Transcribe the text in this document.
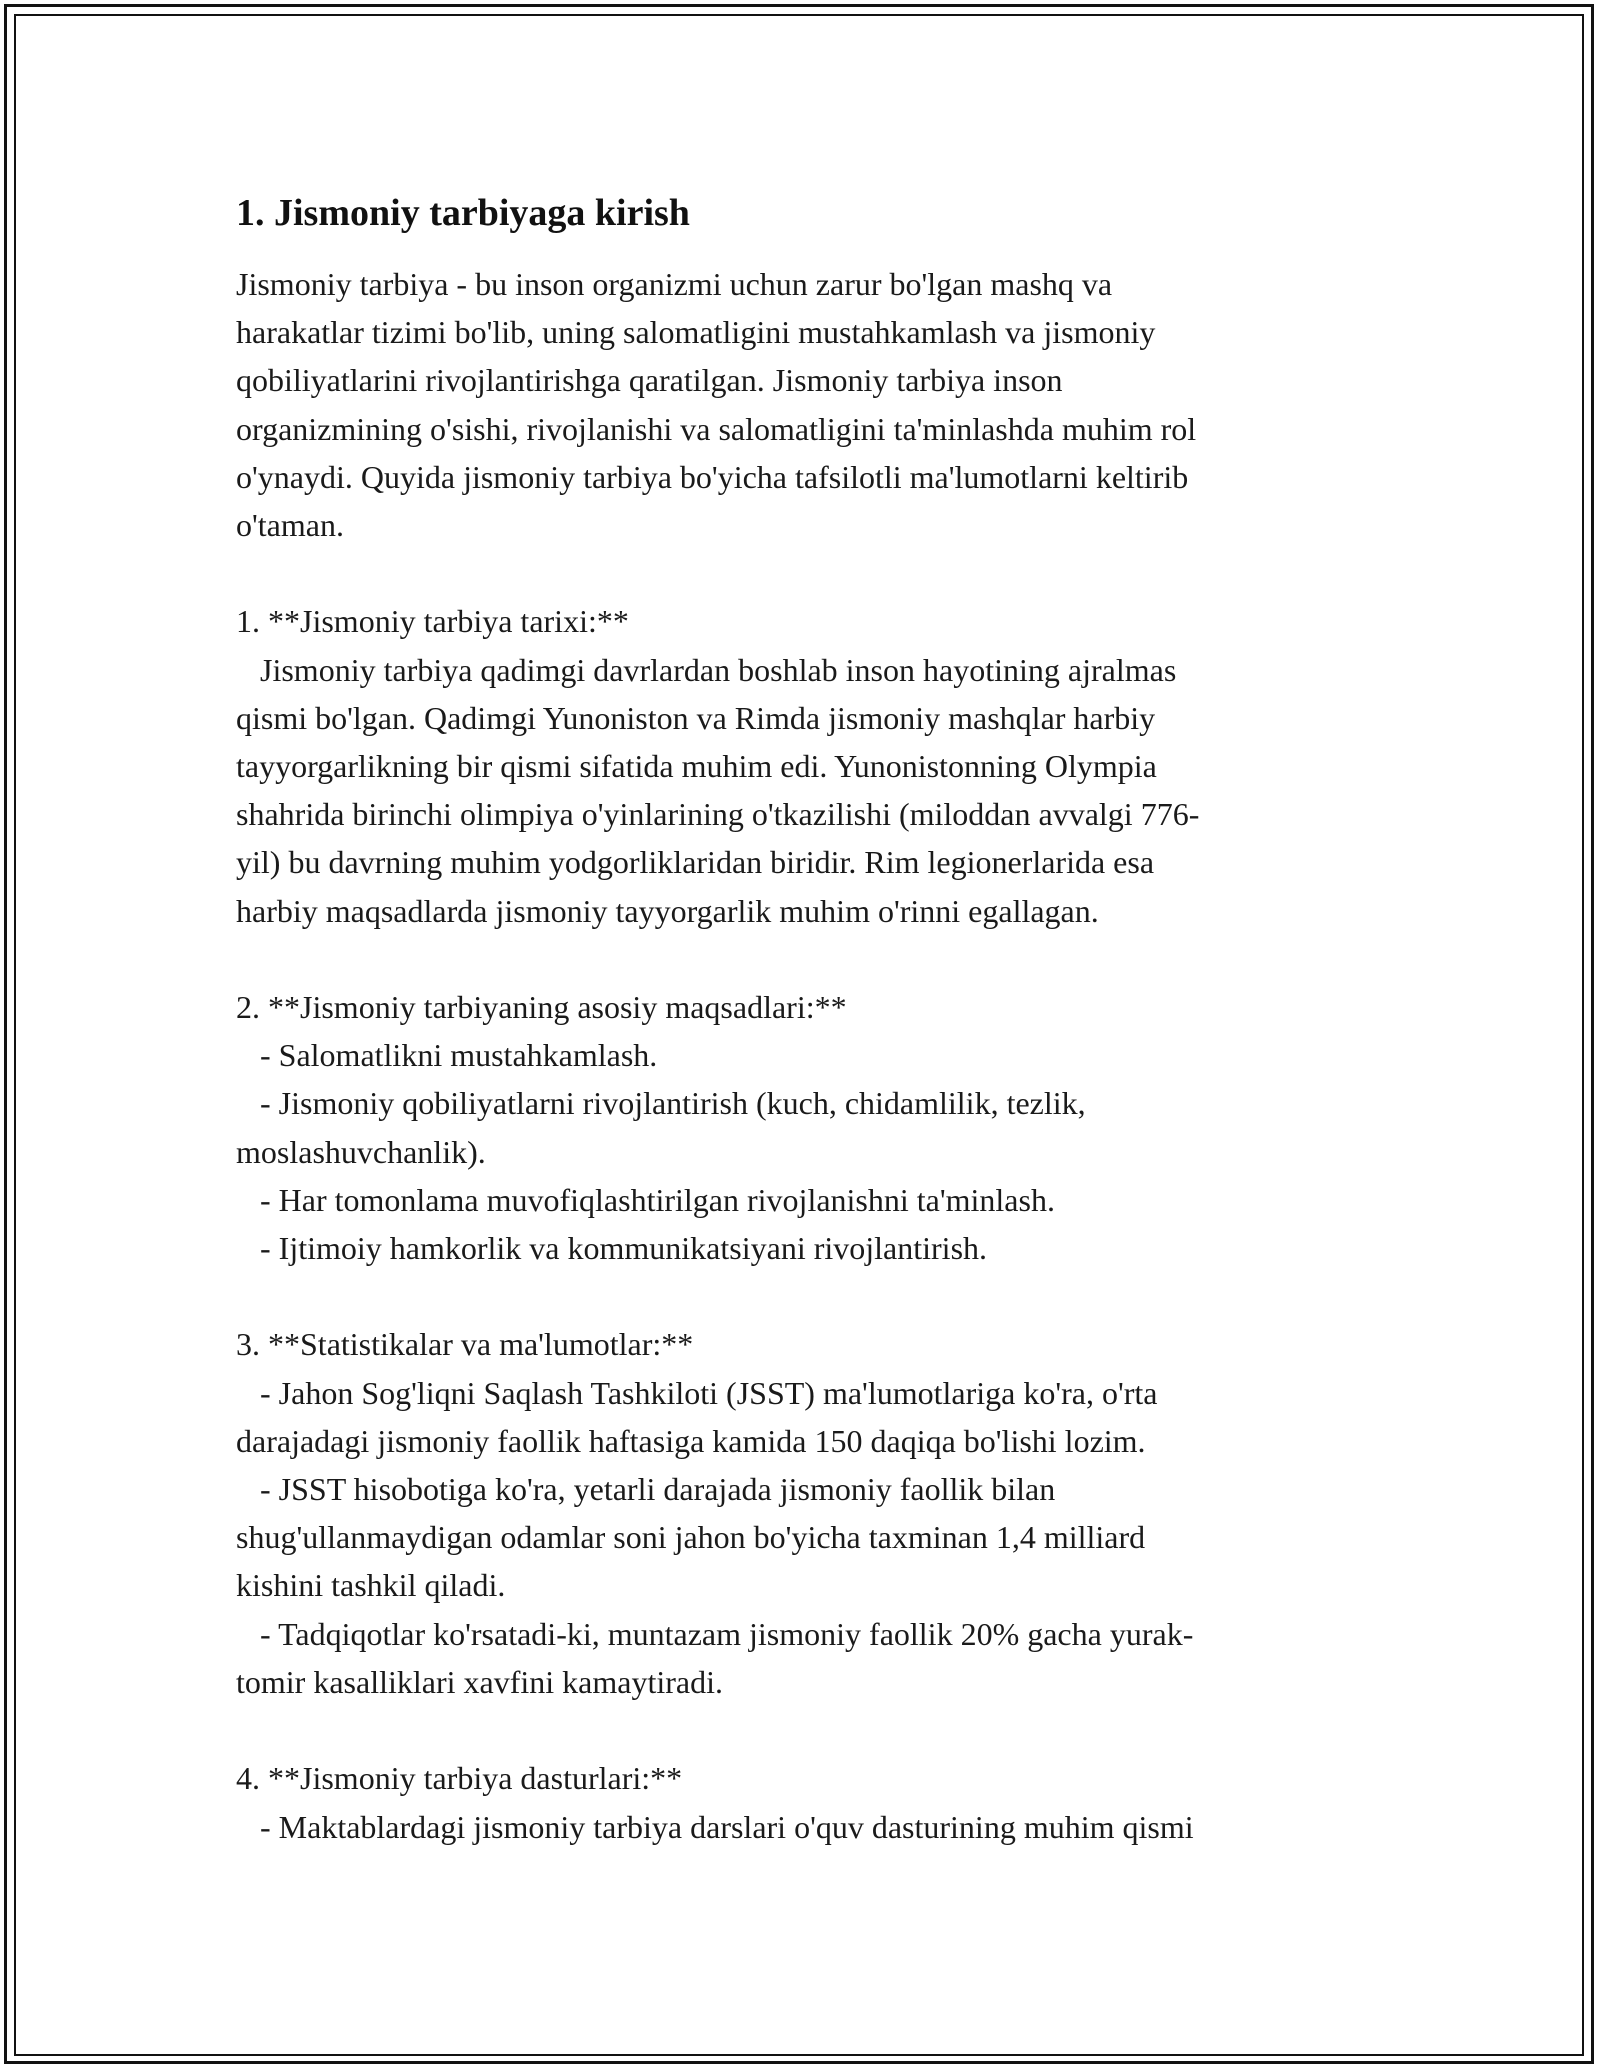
1. Jismoniy tarbiyaga kirish

Jismoniy tarbiya - bu inson organizmi uchun zarur bo'lgan mashq va
harakatlar tizimi bo'lib, uning salomatligini mustahkamlash va jismoniy
qobiliyatlarini rivojlantirishga qaratilgan. Jismoniy tarbiya inson
organizmining o'sishi, rivojlanishi va salomatligini ta'minlashda muhim rol
o'ynaydi. Quyida jismoniy tarbiya bo'yicha tafsilotli ma'lumotlarni keltirib
o'taman.

1. **Jismoniy tarbiya tarixi:**
Jismoniy tarbiya qadimgi davrlardan boshlab inson hayotining ajralmas
qismi bo'lgan. Qadimgi Yunoniston va Rimda jismoniy mashqlar harbiy
tayyorgarlikning bir qismi sifatida muhim edi. Yunonistonning Olympia
shahrida birinchi olimpiya o'yinlarining o'tkazilishi (miloddan avvalgi 776-
yil) bu davrning muhim yodgorliklaridan biridir. Rim legionerlarida esa
harbiy maqsadlarda jismoniy tayyorgarlik muhim o'rinni egallagan.

2. **Jismoniy tarbiyaning asosiy maqsadlari:**
- Salomatlikni mustahkamlash.
- Jismoniy qobiliyatlarni rivojlantirish (kuch, chidamlilik, tezlik,
moslashuvchanlik).
- Har tomonlama muvofiqlashtirilgan rivojlanishni ta'minlash.
- Ijtimoiy hamkorlik va kommunikatsiyani rivojlantirish.

3. **Statistikalar va ma'lumotlar:**
- Jahon Sog'liqni Saqlash Tashkiloti (JSST) ma'lumotlariga ko'ra, o'rta
darajadagi jismoniy faollik haftasiga kamida 150 daqiqa bo'lishi lozim.
- JSST hisobotiga ko'ra, yetarli darajada jismoniy faollik bilan
shug'ullanmaydigan odamlar soni jahon bo'yicha taxminan 1,4 milliard
kishini tashkil qiladi.
- Tadqiqotlar ko'rsatadi-ki, muntazam jismoniy faollik 20% gacha yurak-
tomir kasalliklari xavfini kamaytiradi.

4. **Jismoniy tarbiya dasturlari:**
- Maktablardagi jismoniy tarbiya darslari o'quv dasturining muhim qismi
